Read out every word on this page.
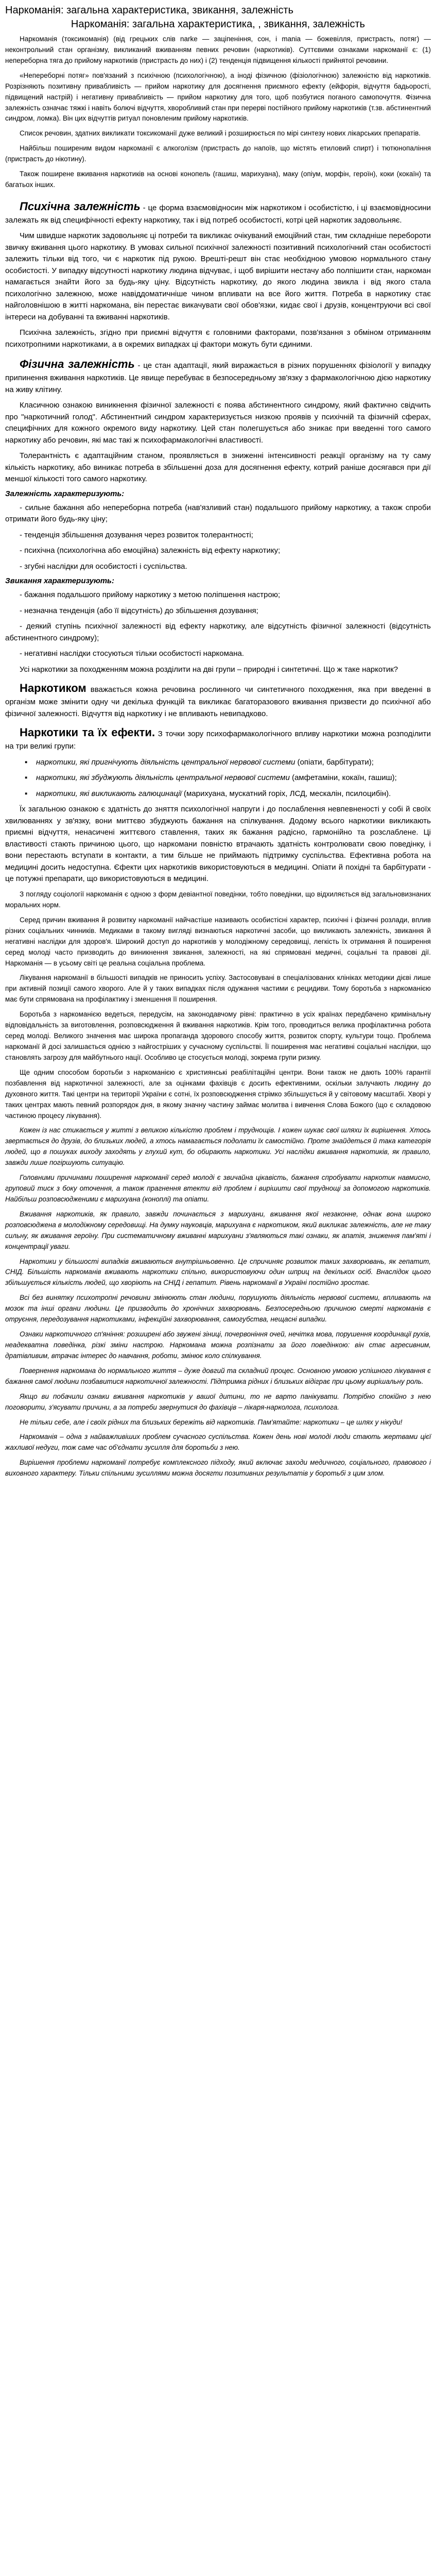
Наркоманія: загальна характеристика, звикання, залежність
Наркоманія: загальна характеристика, , звикання, залежність

Наркоманія (токсикоманія) (від грецьких слів narke — заціпеніння, сон, і mania — божевілля, пристрасть, потяг) — неконтрольний стан організму, викликаний вживанням певних речовин (наркотиків). Суттєвими ознаками наркоманії є: (1) непереборна тяга до прийому наркотиків (пристрасть до них) і (2) тенденція підвищення кількості прийнятої речовини.

«Непереборні потяг» пов'язаний з психічною (психологічною), а іноді фізичною (фізіологічною) залежністю від наркотиків. Розрізняють позитивну привабливість — прийом наркотику для досягнення приємного ефекту (ейфорія, відчуття бадьорості, підвищений настрій) і негативну привабливість — прийом наркотику для того, щоб позбутися поганого самопочуття. Фізична залежність означає тяжкі і навіть болючі відчуття, хворобливий стан при перерві постійного прийому наркотиків (т.зв. абстинентний синдром, ломка). Він цих відчуттів ритуал поновленим прийому наркотиків.

Список речовин, здатних викликати токсикоманії дуже великий і розширюється по мірі синтезу нових лікарських препаратів.

Найбільш поширеним видом наркоманії є алкоголізм (пристрасть до напоїв, що містять етиловий спирт) і тютюнопаління (пристрасть до нікотину).

Також поширене вживання наркотиків на основі конопель (гашиш, марихуана), маку (опіум, морфін, героїн), коки (кокаїн) та багатьох інших.

Психічна залежність - це форма взаємовідносин між наркотиком і особистістю, і ці взаємовідносини залежать як від специфічності ефекту наркотику, так і від потреб особистості, котрі цей наркотик задовольняє.

Чим швидше наркотик задовольняє ці потреби та викликає очікуваний емоційний стан, тим складніше перебороти звичку вживання цього наркотику. В умовах сильної психічної залежності позитивний психологічний стан особистості залежить тільки від того, чи є наркотик під рукою. Врешті-решт він стає необхідною умовою нормального стану особистості. У випадку відсутності наркотику людина відчуває, і щоб вирішити нестачу або полпішити стан, наркоман намагається знайти його за будь-яку ціну. Відсутність наркотику, до якого людина звикла і від якого стала психологічно залежною, може навіддоматичніше чином впливати на все його життя. Потреба в наркотику стає найголовнішою в житті наркомана, він перестає викачувати свої обов'язки, кидає свої і друзів, концентруючи всі свої інтереси на добуванні та вживанні наркотиків.

Психічна залежність, згідно при приємні відчуття є головними факторами, позв'язання з обміном отриманням психотропними наркотиками, а в окремих випадках ці фактори можуть бути єдиними.

Фізична залежність - це стан адаптації, який виражається в різних порушеннях фізіології у випадку припинення вживання наркотиків. Це явище перебуває в безпосередньому зв'язку з фармакологічною дією наркотику на живу клітину.

Класичною ознакою виникнення фізичної залежності є поява абстинентного синдрому, який фактично свідчить про "наркотичний голод". Абстинентний синдром характеризується низкою проявів у психічній та фізичній сферах, специфічних для кожного окремого виду наркотику. Цей стан полегшується або зникає при введенні того самого наркотику або речовин, які мас такі ж психофармакологічні властивості.

Толерантність є адаптаційним станом, проявляється в зниженні інтенсивності реакції організму на ту саму кількість наркотику, або виникає потреба в збільшенні доза для досягнення ефекту, котрий раніше досягався при дії меншої кількості того самого наркотику.

Залежність характеризують:

- сильне бажання або непереборна потреба (нав'язливий стан) подальшого прийому наркотику, а також спроби отримати його будь-яку ціну;

- тенденція збільшення дозування через розвиток толерантності;

- психічна (психологічна або емоційна) залежність від ефекту наркотику;

- згубні наслідки для особистості і суспільства.

Звикання характеризують:

- бажання подальшого прийому наркотику з метою поліпшення настрою;

- незначна тенденція (або її відсутність) до збільшення дозування;

- деякий ступінь психічної залежності від ефекту наркотику, але відсутність фізичної залежності (відсутність абстинентного синдрому);

- негативні наслідки стосуються тільки особистості наркомана.

Усі наркотики за походженням можна розділити на дві групи – природні і синтетичні. Що ж таке наркотик?

Наркотиком вважається кожна речовина рослинного чи синтетичного походження, яка при введенні в організм може змінити одну чи декілька функцій та викликає багаторазового вживання призвести до психічної або фізичної залежності. Відчуття від наркотику і не впливають невипадково.

Наркотики та їх ефекти. З точки зору психофармакологічного впливу наркотики можна розподілити на три великі групи:

▪ наркотики, які пригнічують діяльність центральної нервової системи (опіати, барбітурати);
▪ наркотики, які збуджують діяльність центральної нервової системи (амфетаміни, кокаїн, гашиш);
▪ наркотики, які викликають галюцинації (марихуана, мускатний горіх, ЛСД, мескалін, псилоцибін).

Їх загальною ознакою є здатність до зняття психологічної напруги і до послаблення невпевненості у собі й своїх хвилюваннях у зв'язку, вони миттєво збуджують бажання на спілкування. Додому всього наркотики викликають приємні відчуття, ненасичені життєвого ставлення, таких як бажання радісно, гармонійно та розслаблене. Ці властивості стають причиною цього, що наркомани повністю втрачають здатність контролювати свою поведінку, і вони перестають вступати в контакти, а тим більше не приймають підтримку суспільства. Ефективна робота на медицині досить недоступна. Єфекти цих наркотиків використовуються в медицині. Опіати й похідні та барбітурати - це потужні препарати, що використовуються в медицині.

З погляду соціології наркоманія є одною з форм девіантної поведінки, тобто поведінки, що відхиляється від загальновизнаних моральних норм.

Серед причин вживання й розвитку наркоманії найчастіше називають особистісні характер, психічні і фізичні розлади, вплив різних соціальних чинників. Медиками в такому вигляді визнаються наркотичні засоби, що викликають залежність, звикання й негативні наслідки для здоров'я. Широкий доступ до наркотиків у молодіжному середовищі, легкість їх отримання й поширення серед молоді часто призводить до виникнення звикання, залежності, на які спрямовані медичні, соціальні та правові дії. Наркоманія — в усьому світі це реальна соціальна проблема.

Лікування наркоманії в більшості випадків не приносить успіху. Застосовувані в спеціалізованих клініках методики дієві лише при активній позиції самого хворого. Але й у таких випадках після одужання частими є рецидиви. Тому боротьба з наркоманією має бути спрямована на профілактику і зменшення її поширення.

Боротьба з наркоманією ведеться, передусім, на законодавчому рівні: практично в усіх країнах передбачено кримінальну відповідальність за виготовлення, розповсюдження й вживання наркотиків. Крім того, проводиться велика профілактична робота серед молоді. Великого значення має широка пропаганда здорового способу життя, розвиток спорту, культури тощо. Проблема наркоманії й досі залишається однією з найгостріших у сучасному суспільстві. Її поширення має негативні соціальні наслідки, що становлять загрозу для майбутнього нації. Особливо це стосується молоді, зокрема групи ризику.

Ще одним способом боротьби з наркоманією є християнські реабілітаційні центри. Вони також не дають 100% гарантії позбавлення від наркотичної залежності, але за оцінками фахівців є досить ефективними, оскільки залучають людину до духовного життя. Такі центри на території України є сотні, їх розповсюдження стрімко збільшується й у світовому масштабі. Хворі у таких центрах мають певний розпорядок дня, в якому значну частину займає молитва і вивчення Слова Божого (що є складовою частиною процесу лікування).

Кожен із нас стикається у житті з великою кількістю проблем і труднощів. І кожен шукає свої шляхи їх вирішення. Хтось звертається до друзів, до близьких людей, а хтось намагається подолати їх самостійно. Проте знайдеться й така категорія людей, що в пошуках виходу заходять у глухий кут, бо обирають наркотики. Усі наслідки вживання наркотиків, як правило, завжди лише погіршують ситуацію.

Головними причинами поширення наркоманії серед молоді є звичайна цікавість, бажання спробувати наркотик навмисно, груповий тиск з боку оточення, а також прагнення втекти від проблем і вирішити свої труднощі за допомогою наркотиків. Найбільш розповсюдженими є марихуана (коноплі) та опіати.

Вживання наркотиків, як правило, завжди починається з марихуани, вживання якої незаконне, однак вона широко розповсюджена в молодіжному середовищі. На думку науковців, марихуана є наркотиком, який викликає залежність, але не таку сильну, як вживання героїну. При систематичному вживанні марихуани з'являються такі ознаки, як апатія, зниження пам'яті і концентрації уваги.

Наркотики у більшості випадків вживаються внутрішньовенно. Це спричиняє розвиток таких захворювань, як гепатит, СНІД. Більшість наркоманів вживають наркотики спільно, використовуючи один шприц на декількох осіб. Внаслідок цього збільшується кількість людей, що хворіють на СНІД і гепатит. Рівень наркоманії в Україні постійно зростає.

Всі без винятку психотропні речовини змінюють стан людини, порушують діяльність нервової системи, впливають на мозок та інші органи людини. Це призводить до хронічних захворювань. Безпосередньою причиною смерті наркоманів є отруєння, передозування наркотиками, інфекційні захворювання, самогубства, нещасні випадки.

Ознаки наркотичного сп'яніння: розширені або звужені зіниці, почервоніння очей, нечітка мова, порушення координації рухів, неадекватна поведінка, різкі зміни настрою. Наркомана можна розпізнати за його поведінкою: він стає агресивним, дратівливим, втрачає інтерес до навчання, роботи, змінює коло спілкування.

Повернення наркомана до нормального життя – дуже довгий та складний процес. Основною умовою успішного лікування є бажання самої людини позбавитися наркотичної залежності. Підтримка рідних і близьких відіграє при цьому вирішальну роль.

Якщо ви побачили ознаки вживання наркотиків у вашої дитини, то не варто панікувати. Потрібно спокійно з нею поговорити, з'ясувати причини, а за потреби звернутися до фахівців – лікаря-нарколога, психолога.

Не тільки себе, але і своїх рідних та близьких бережіть від наркотиків. Пам'ятайте: наркотики – це шлях у нікуди!

Наркоманія – одна з найважливіших проблем сучасного суспільства. Кожен день нові молоді люди стають жертвами цієї жахливої недуги, тож саме час об'єднати зусилля для боротьби з нею.

Вирішення проблеми наркоманії потребує комплексного підходу, який включає заходи медичного, соціального, правового і виховного характеру. Тільки спільними зусиллями можна досягти позитивних результатів у боротьбі з цим злом.
